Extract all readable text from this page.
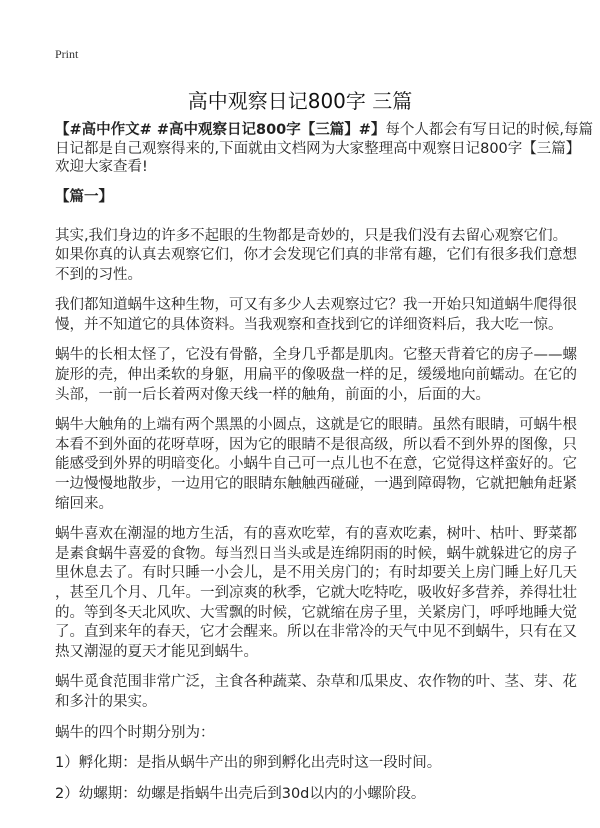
Print
高中观察日记800字 三篇
【#高中作文# #高中观察日记800字【三篇】#】每个人都会有写日记的时候,每篇
日记都是自己观察得来的,下面就由文档网为大家整理高中观察日记800字【三篇】
欢迎大家查看!
【篇一】
其实,我们身边的许多不起眼的生物都是奇妙的，只是我们没有去留心观察它们。
如果你真的认真去观察它们，你才会发现它们真的非常有趣，它们有很多我们意想
不到的习性。
我们都知道蜗牛这种生物，可又有多少人去观察过它？我一开始只知道蜗牛爬得很
慢，并不知道它的具体资料。当我观察和查找到它的详细资料后，我大吃一惊。
蜗牛的长相太怪了，它没有骨骼，全身几乎都是肌肉。它整天背着它的房子——螺
旋形的壳，伸出柔软的身躯，用扁平的像吸盘一样的足，缓缓地向前蠕动。在它的
头部，一前一后长着两对像天线一样的触角，前面的小，后面的大。
蜗牛大触角的上端有两个黑黑的小圆点，这就是它的眼睛。虽然有眼睛，可蜗牛根
本看不到外面的花呀草呀，因为它的眼睛不是很高级，所以看不到外界的图像，只
能感受到外界的明暗变化。小蜗牛自己可一点儿也不在意，它觉得这样蛮好的。它
一边慢慢地散步，一边用它的眼睛东触触西碰碰，一遇到障碍物，它就把触角赶紧
缩回来。
蜗牛喜欢在潮湿的地方生活，有的喜欢吃荤，有的喜欢吃素，树叶、枯叶、野菜都
是素食蜗牛喜爱的食物。每当烈日当头或是连绵阴雨的时候，蜗牛就躲进它的房子
里休息去了。有时只睡一小会儿，是不用关房门的；有时却要关上房门睡上好几天
，甚至几个月、几年。一到凉爽的秋季，它就大吃特吃，吸收好多营养，养得壮壮
的。等到冬天北风吹、大雪飘的时候，它就缩在房子里，关紧房门，呼呼地睡大觉
了。直到来年的春天，它才会醒来。所以在非常冷的天气中见不到蜗牛，只有在又
热又潮湿的夏天才能见到蜗牛。
蜗牛觅食范围非常广泛，主食各种蔬菜、杂草和瓜果皮、农作物的叶、茎、芽、花
和多汁的果实。
蜗牛的四个时期分别为：
1）孵化期：是指从蜗牛产出的卵到孵化出壳时这一段时间。
2）幼螺期：幼螺是指蜗牛出壳后到30d以内的小螺阶段。
